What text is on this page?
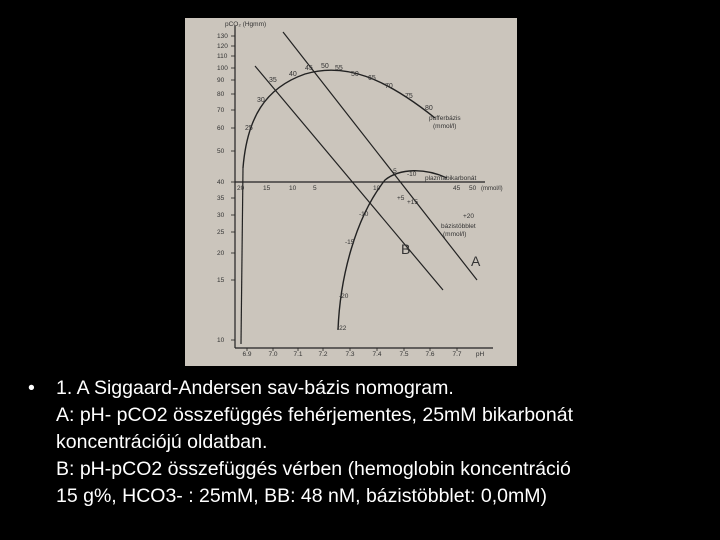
pCO₂ (Hgmm)
130
120
110
100
90
80
70
60
50
40
35
30
25
20
15
10
6.9	7.0 7.1 7.2	7.3	7.4	7.5	7.6	7.7 pH
25
30
35
40
45 50 55
50
65
70
75
80
pufferbázis
(mmol/l)
20	15	10	5	10	45 50
plazmabikarbonát
(mmol/l)
-10
-5
+5
-10
+15
+20
-15
-20
-22
bázistöbblet
(mmol/l)
A
B
• 1. A Siggaard-Andersen sav-bázis nomogram.
A: pH- pCO2 összefüggés fehérjementes, 25mM bikarbonát
koncentrációjú oldatban.
B: pH-pCO2 összefüggés vérben (hemoglobin koncentráció
15 g%, HCO3- : 25mM, BB: 48 nM, bázistöbblet: 0,0mM)
